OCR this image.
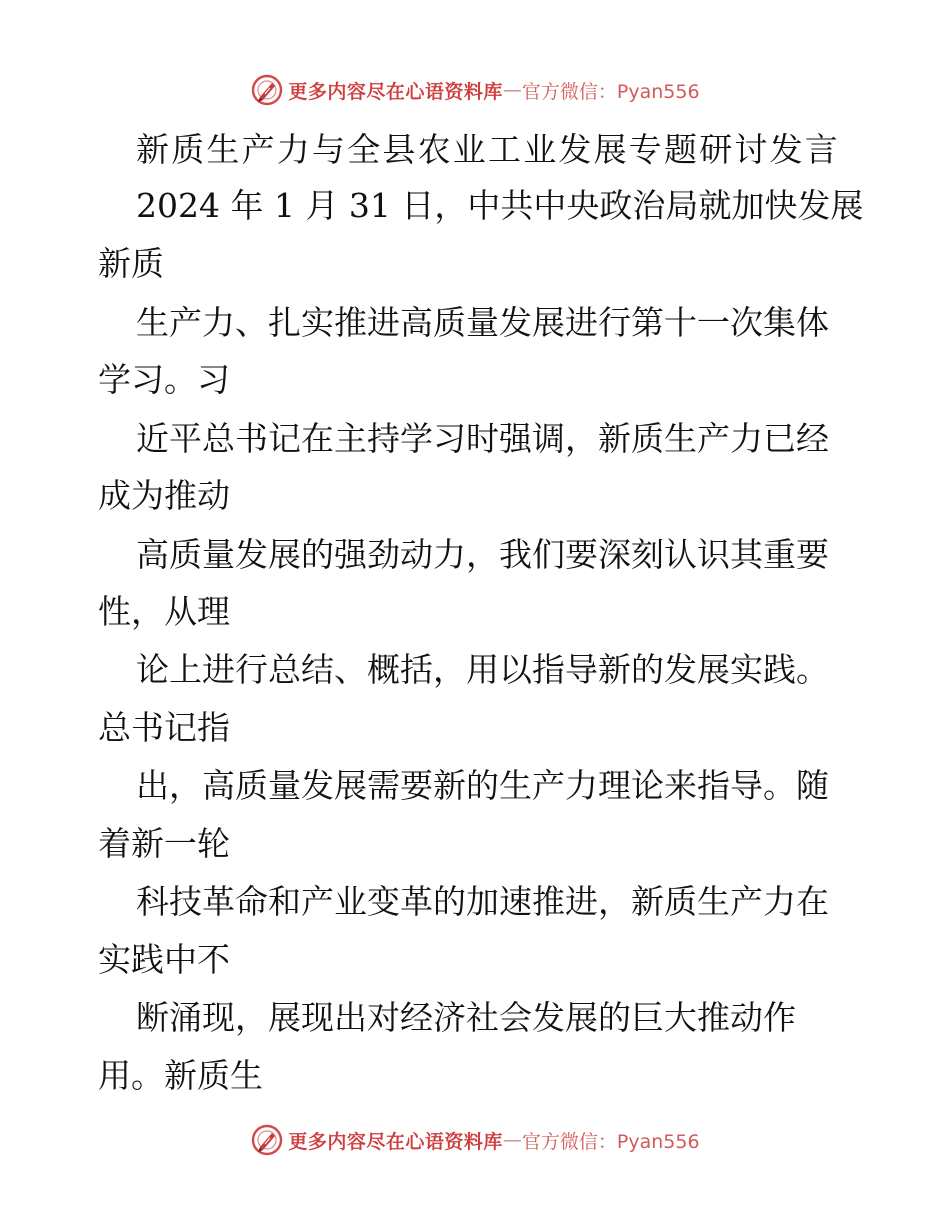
更多内容尽在心语资料库 — 官方微信：Pyan556
新质生产力与全县农业工业发展专题研讨发言
2024 年 1 月 31 日，中共中央政治局就加快发展
新质
生产力、扎实推进高质量发展进行第十一次集体
学习。习
近平总书记在主持学习时强调，新质生产力已经
成为推动
高质量发展的强劲动力，我们要深刻认识其重要
性，从理
论上进行总结、概括，用以指导新的发展实践。
总书记指
出，高质量发展需要新的生产力理论来指导。随
着新一轮
科技革命和产业变革的加速推进，新质生产力在
实践中不
断涌现，展现出对经济社会发展的巨大推动作
用。新质生
更多内容尽在心语资料库 — 官方微信：Pyan556
